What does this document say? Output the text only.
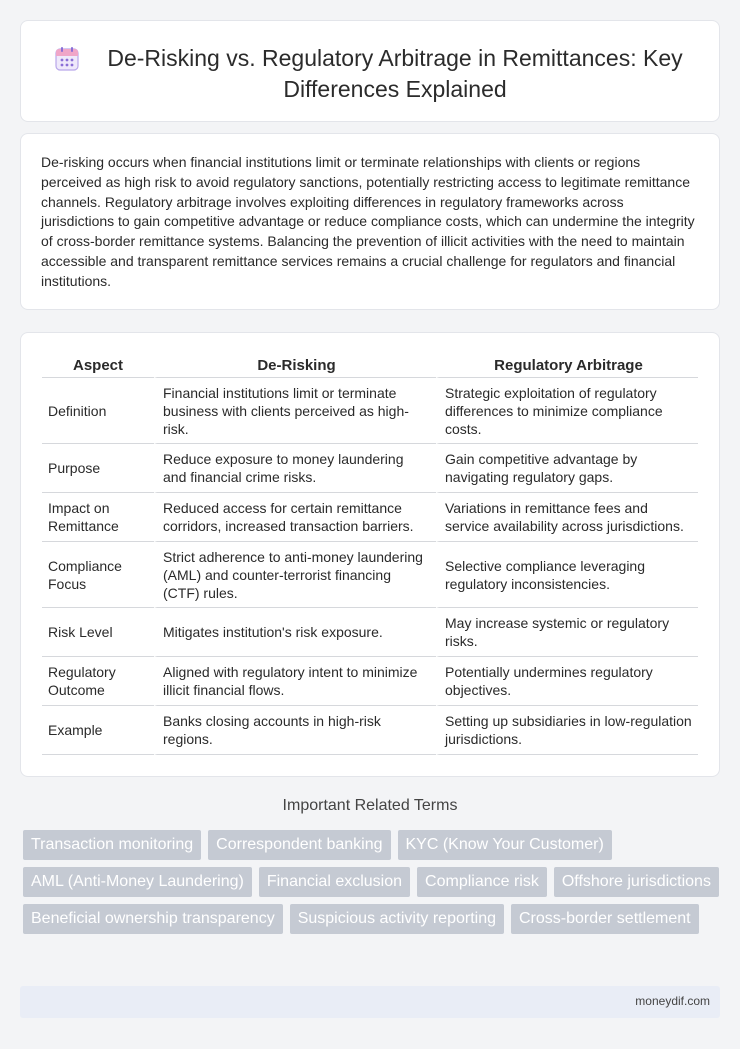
De-Risking vs. Regulatory Arbitrage in Remittances: Key Differences Explained

De-risking occurs when financial institutions limit or terminate relationships with clients or regions perceived as high risk to avoid regulatory sanctions, potentially restricting access to legitimate remittance channels. Regulatory arbitrage involves exploiting differences in regulatory frameworks across jurisdictions to gain competitive advantage or reduce compliance costs, which can undermine the integrity of cross-border remittance systems. Balancing the prevention of illicit activities with the need to maintain accessible and transparent remittance services remains a crucial challenge for regulators and financial institutions.

Aspect	De-Risking	Regulatory Arbitrage
Definition	Financial institutions limit or terminate business with clients perceived as high-risk.	Strategic exploitation of regulatory differences to minimize compliance costs.
Purpose	Reduce exposure to money laundering and financial crime risks.	Gain competitive advantage by navigating regulatory gaps.
Impact on Remittance	Reduced access for certain remittance corridors, increased transaction barriers.	Variations in remittance fees and service availability across jurisdictions.
Compliance Focus	Strict adherence to anti-money laundering (AML) and counter-terrorist financing (CTF) rules.	Selective compliance leveraging regulatory inconsistencies.
Risk Level	Mitigates institution's risk exposure.	May increase systemic or regulatory risks.
Regulatory Outcome	Aligned with regulatory intent to minimize illicit financial flows.	Potentially undermines regulatory objectives.
Example	Banks closing accounts in high-risk regions.	Setting up subsidiaries in low-regulation jurisdictions.
Important Related Terms
Transaction monitoring	Correspondent banking	KYC (Know Your Customer)
AML (Anti-Money Laundering)	Financial exclusion	Compliance risk	Offshore jurisdictions
Beneficial ownership transparency	Suspicious activity reporting	Cross-border settlement
moneydif.com
